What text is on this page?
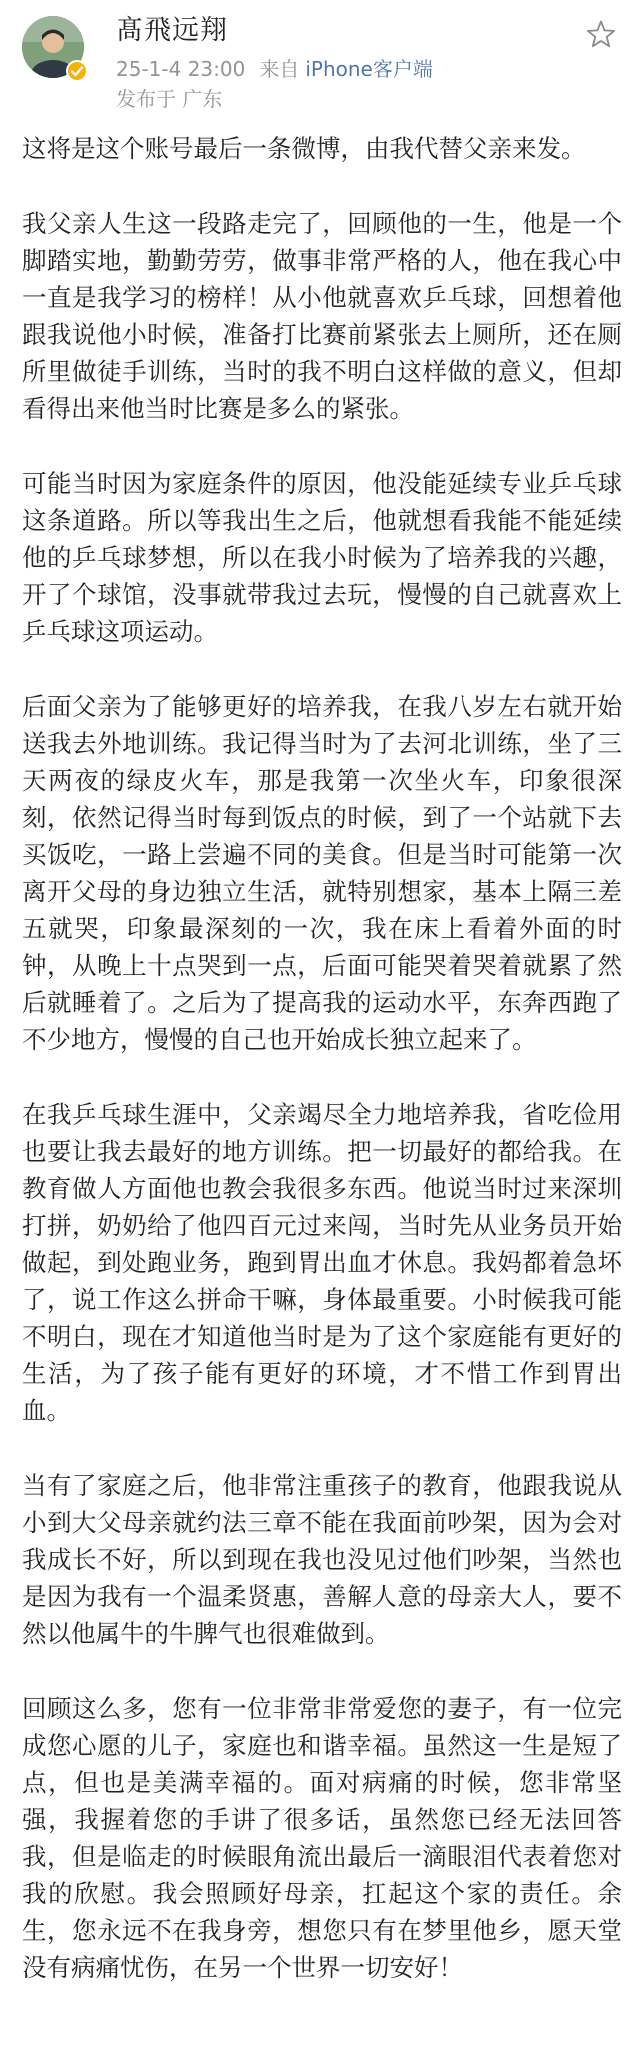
髙飛远翔
25-1-4 23:00 来自 iPhone客户端
发布于 广东

这将是这个账号最后一条微博，由我代替父亲来发。

我父亲人生这一段路走完了，回顾他的一生，他是一个脚踏实地，勤勤劳劳，做事非常严格的人，他在我心中一直是我学习的榜样！从小他就喜欢乒乓球，回想着他跟我说他小时候，准备打比赛前紧张去上厕所，还在厕所里做徒手训练，当时的我不明白这样做的意义，但却看得出来他当时比赛是多么的紧张。

可能当时因为家庭条件的原因，他没能延续专业乒乓球这条道路。所以等我出生之后，他就想看我能不能延续他的乒乓球梦想，所以在我小时候为了培养我的兴趣，开了个球馆，没事就带我过去玩，慢慢的自己就喜欢上乒乓球这项运动。

后面父亲为了能够更好的培养我，在我八岁左右就开始送我去外地训练。我记得当时为了去河北训练，坐了三天两夜的绿皮火车，那是我第一次坐火车，印象很深刻，依然记得当时每到饭点的时候，到了一个站就下去买饭吃，一路上尝遍不同的美食。但是当时可能第一次离开父母的身边独立生活，就特别想家，基本上隔三差五就哭，印象最深刻的一次，我在床上看着外面的时钟，从晚上十点哭到一点，后面可能哭着哭着就累了然后就睡着了。之后为了提高我的运动水平，东奔西跑了不少地方，慢慢的自己也开始成长独立起来了。

在我乒乓球生涯中，父亲竭尽全力地培养我，省吃俭用也要让我去最好的地方训练。把一切最好的都给我。在教育做人方面他也教会我很多东西。他说当时过来深圳打拼，奶奶给了他四百元过来闯，当时先从业务员开始做起，到处跑业务，跑到胃出血才休息。我妈都着急坏了，说工作这么拼命干嘛，身体最重要。小时候我可能不明白，现在才知道他当时是为了这个家庭能有更好的生活，为了孩子能有更好的环境，才不惜工作到胃出血。

当有了家庭之后，他非常注重孩子的教育，他跟我说从小到大父母亲就约法三章不能在我面前吵架，因为会对我成长不好，所以到现在我也没见过他们吵架，当然也是因为我有一个温柔贤惠，善解人意的母亲大人，要不然以他属牛的牛脾气也很难做到。

回顾这么多，您有一位非常非常爱您的妻子，有一位完成您心愿的儿子，家庭也和谐幸福。虽然这一生是短了点，但也是美满幸福的。面对病痛的时候，您非常坚强，我握着您的手讲了很多话，虽然您已经无法回答我，但是临走的时候眼角流出最后一滴眼泪代表着您对我的欣慰。我会照顾好母亲，扛起这个家的责任。余生，您永远不在我身旁，想您只有在梦里他乡，愿天堂没有病痛忧伤，在另一个世界一切安好！
